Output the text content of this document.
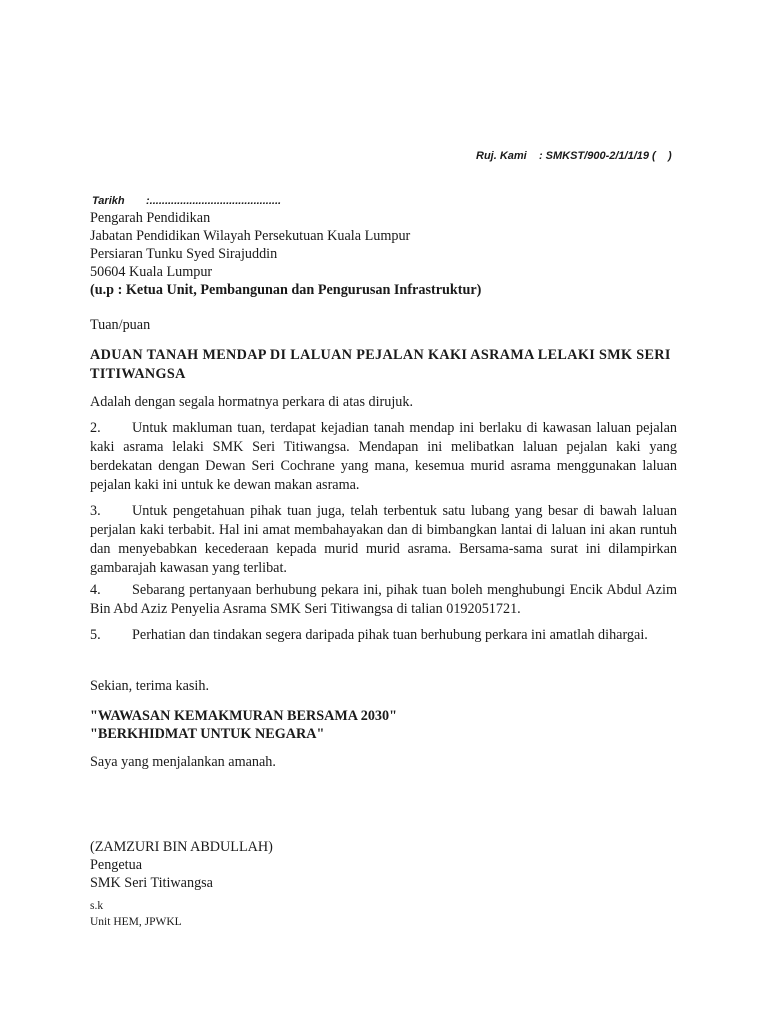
Ruj. Kami    : SMKST/900-2/1/1/19 (    )
Tarikh       :...........................................
Pengarah Pendidikan
Jabatan Pendidikan Wilayah Persekutuan Kuala Lumpur
Persiaran Tunku Syed Sirajuddin
50604 Kuala Lumpur
(u.p : Ketua Unit, Pembangunan dan Pengurusan Infrastruktur)
Tuan/puan
ADUAN TANAH MENDAP DI LALUAN PEJALAN KAKI ASRAMA LELAKI SMK SERI TITIWANGSA
Adalah dengan segala hormatnya perkara di atas dirujuk.
2. Untuk makluman tuan, terdapat kejadian tanah mendap ini berlaku di kawasan laluan pejalan kaki asrama lelaki SMK Seri Titiwangsa. Mendapan ini melibatkan laluan pejalan kaki yang berdekatan dengan Dewan Seri Cochrane yang mana, kesemua murid asrama menggunakan laluan pejalan kaki ini untuk ke dewan makan asrama.
3. Untuk pengetahuan pihak tuan juga, telah terbentuk satu lubang yang besar di bawah laluan perjalan kaki terbabit. Hal ini amat membahayakan dan di bimbangkan lantai di laluan ini akan runtuh dan menyebabkan kecederaan kepada murid murid asrama. Bersama-sama surat ini dilampirkan gambarajah kawasan yang terlibat.
4. Sebarang pertanyaan berhubung pekara ini, pihak tuan boleh menghubungi Encik Abdul Azim Bin Abd Aziz Penyelia Asrama SMK Seri Titiwangsa di talian 0192051721.
5. Perhatian dan tindakan segera daripada pihak tuan berhubung perkara ini amatlah dihargai.
Sekian, terima kasih.
"WAWASAN KEMAKMURAN BERSAMA 2030"
"BERKHIDMAT UNTUK NEGARA"
Saya yang menjalankan amanah.
(ZAMZURI BIN ABDULLAH)
Pengetua
SMK Seri Titiwangsa
s.k
Unit HEM, JPWKL
